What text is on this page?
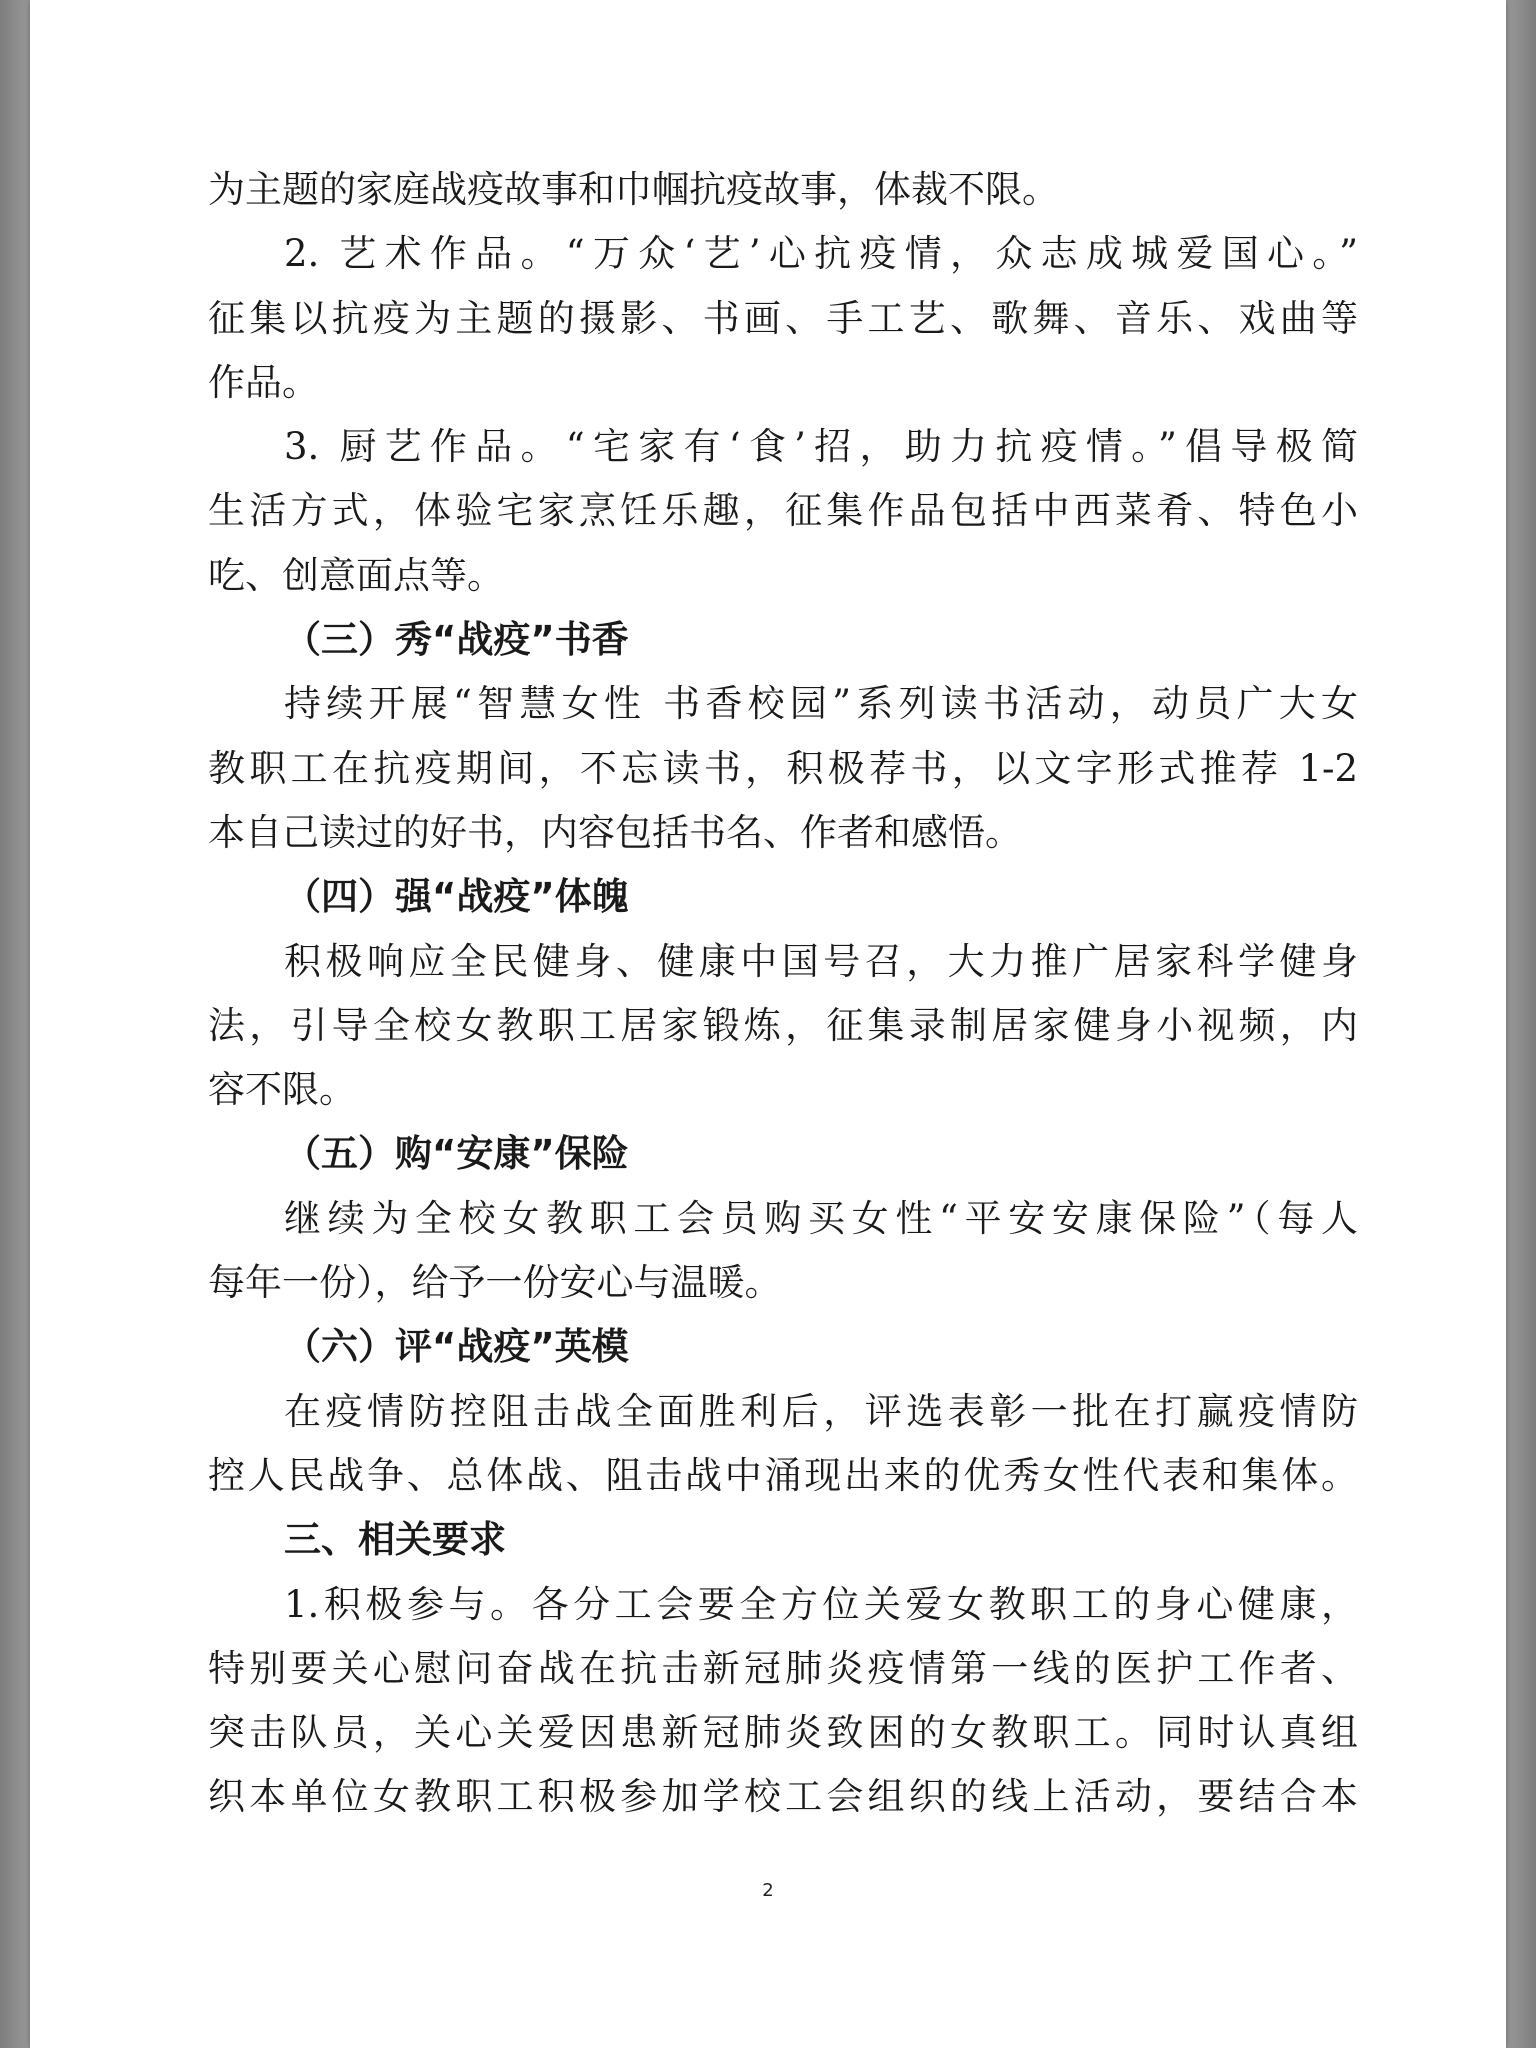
为主题的家庭战疫故事和巾帼抗疫故事，体裁不限。
2. 艺术作品。“万众‘艺’心抗疫情，众志成城爱国心。”
征集以抗疫为主题的摄影、书画、手工艺、歌舞、音乐、戏曲等
作品。
3. 厨艺作品。“宅家有‘食’招，助力抗疫情。”倡导极简
生活方式，体验宅家烹饪乐趣，征集作品包括中西菜肴、特色小
吃、创意面点等。
（三）秀“战疫”书香
持续开展“智慧女性 书香校园”系列读书活动，动员广大女
教职工在抗疫期间，不忘读书，积极荐书，以文字形式推荐 1-2
本自己读过的好书，内容包括书名、作者和感悟。
（四）强“战疫”体魄
积极响应全民健身、健康中国号召，大力推广居家科学健身
法，引导全校女教职工居家锻炼，征集录制居家健身小视频，内
容不限。
（五）购“安康”保险
继续为全校女教职工会员购买女性“平安安康保险”（每人
每年一份），给予一份安心与温暖。
（六）评“战疫”英模
在疫情防控阻击战全面胜利后，评选表彰一批在打赢疫情防
控人民战争、总体战、阻击战中涌现出来的优秀女性代表和集体。
三、相关要求
1.积极参与。各分工会要全方位关爱女教职工的身心健康，
特别要关心慰问奋战在抗击新冠肺炎疫情第一线的医护工作者、
突击队员，关心关爱因患新冠肺炎致困的女教职工。同时认真组
织本单位女教职工积极参加学校工会组织的线上活动，要结合本
2
